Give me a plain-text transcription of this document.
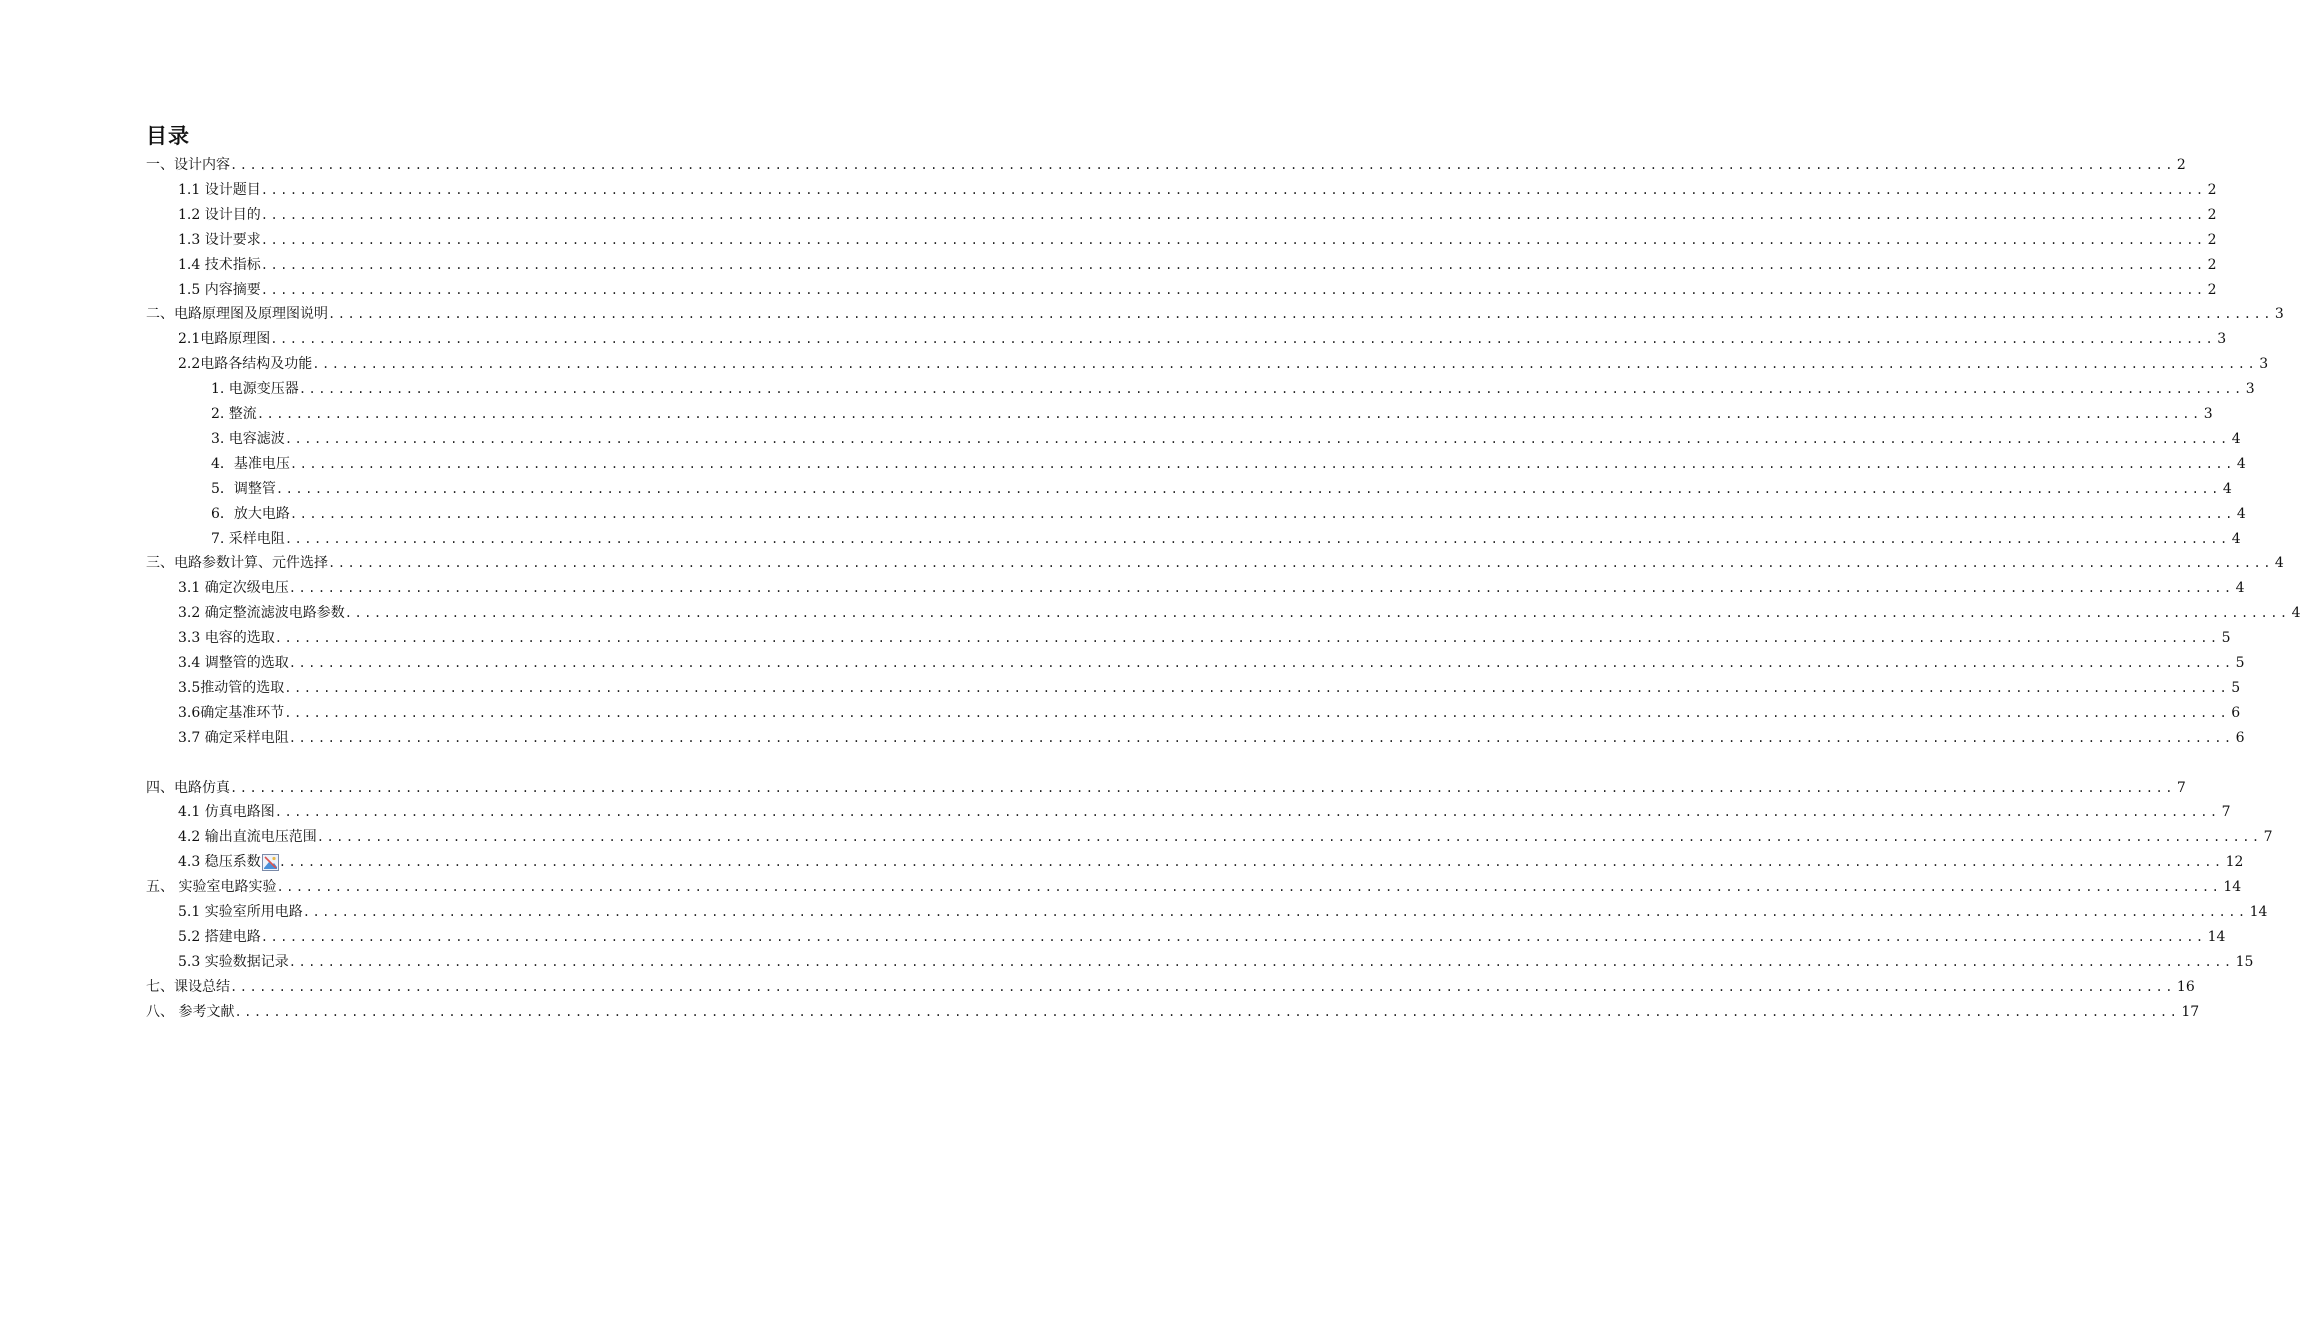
目录
一、设计内容 ........................................................................................................................................................................................................ 2
1.1 设计题目 ........................................................................................................................................................................................................ 2
1.2 设计目的 ........................................................................................................................................................................................................ 2
1.3 设计要求 ........................................................................................................................................................................................................ 2
1.4 技术指标 ........................................................................................................................................................................................................ 2
1.5 内容摘要 ........................................................................................................................................................................................................ 2
二、电路原理图及原理图说明 ........................................................................................................................................................................................................ 3
2.1电路原理图 ........................................................................................................................................................................................................ 3
2.2电路各结构及功能 ........................................................................................................................................................................................................ 3
1. 电源变压器 ........................................................................................................................................................................................................ 3
2. 整流 ........................................................................................................................................................................................................ 3
3. 电容滤波 ........................................................................................................................................................................................................ 4
4．基准电压 ........................................................................................................................................................................................................ 4
5．调整管 ........................................................................................................................................................................................................ 4
6．放大电路 ........................................................................................................................................................................................................ 4
7. 采样电阻 ........................................................................................................................................................................................................ 4
三、电路参数计算、元件选择 ........................................................................................................................................................................................................ 4
3.1 确定次级电压 ........................................................................................................................................................................................................ 4
3.2 确定整流滤波电路参数 ........................................................................................................................................................................................................ 4
3.3 电容的选取 ........................................................................................................................................................................................................ 5
3.4 调整管的选取 ........................................................................................................................................................................................................ 5
3.5推动管的选取 ........................................................................................................................................................................................................ 5
3.6确定基准环节 ........................................................................................................................................................................................................ 6
3.7 确定采样电阻 ........................................................................................................................................................................................................ 6
四、电路仿真 ........................................................................................................................................................................................................ 7
4.1 仿真电路图 ........................................................................................................................................................................................................ 7
4.2 输出直流电压范围 ........................................................................................................................................................................................................ 7
4.3 稳压系数 ........................................................................................................................................................................................................ 12
五、 实验室电路实验 ........................................................................................................................................................................................................ 14
5.1 实验室所用电路 ........................................................................................................................................................................................................ 14
5.2 搭建电路 ........................................................................................................................................................................................................ 14
5.3 实验数据记录 ........................................................................................................................................................................................................ 15
七、课设总结 ........................................................................................................................................................................................................ 16
八、 参考文献 ........................................................................................................................................................................................................ 17
